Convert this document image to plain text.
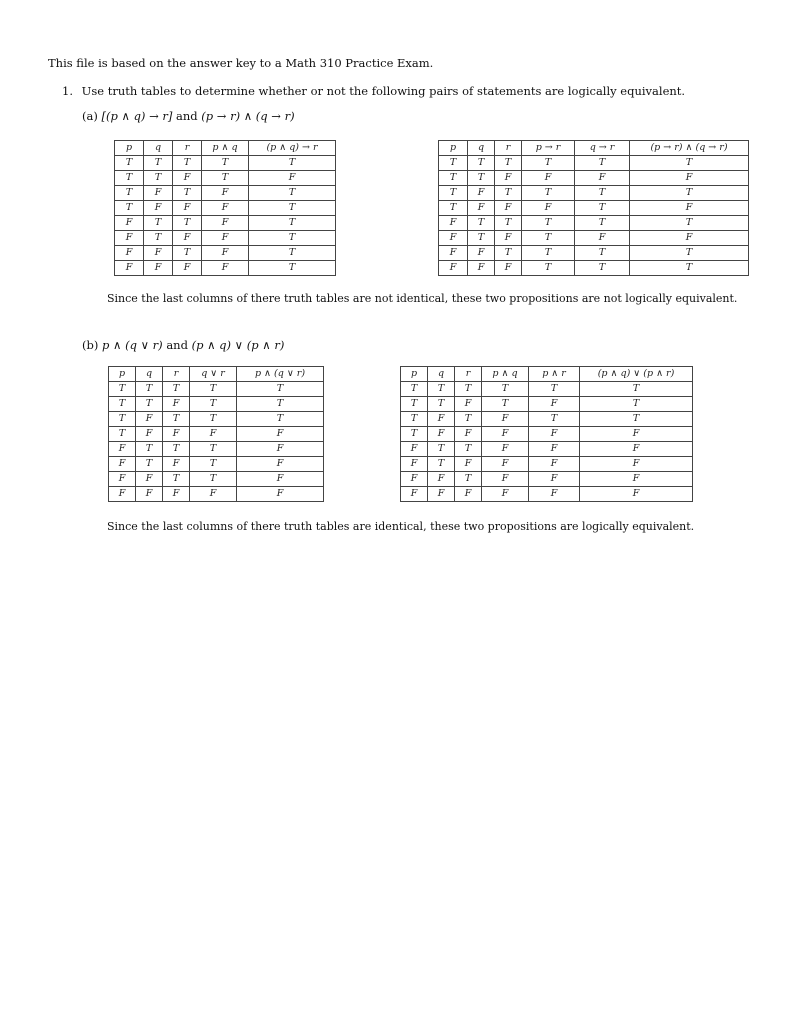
This file is based on the answer key to a Math 310 Practice Exam.
1. Use truth tables to determine whether or not the following pairs of statements are logically equivalent.
(a) [(p ∧ q) → r] and (p → r) ∧ (q → r)
p	q	r	p ∧ q	(p ∧ q) → r
T	T	T	T	T
T	T	F	T	F
T	F	T	F	T
T	F	F	F	T
F	T	T	F	T
F	T	F	F	T
F	F	T	F	T
F	F	F	F	T
p	q	r	p → r	q → r	(p → r) ∧ (q → r)
T	T	T	T	T	T
T	T	F	F	F	F
T	F	T	T	T	T
T	F	F	F	T	F
F	T	T	T	T	T
F	T	F	T	F	F
F	F	T	T	T	T
F	F	F	T	T	T
Since the last columns of there truth tables are not identical, these two propositions are not logically equivalent.
(b) p ∧ (q ∨ r) and (p ∧ q) ∨ (p ∧ r)
p	q	r	q ∨ r	p ∧ (q ∨ r)
T	T	T	T	T
T	T	F	T	T
T	F	T	T	T
T	F	F	F	F
F	T	T	T	F
F	T	F	T	F
F	F	T	T	F
F	F	F	F	F
p	q	r	p ∧ q	p ∧ r	(p ∧ q) ∨ (p ∧ r)
T	T	T	T	T	T
T	T	F	T	F	T
T	F	T	F	T	T
T	F	F	F	F	F
F	T	T	F	F	F
F	T	F	F	F	F
F	F	T	F	F	F
F	F	F	F	F	F
Since the last columns of there truth tables are identical, these two propositions are logically equivalent.
